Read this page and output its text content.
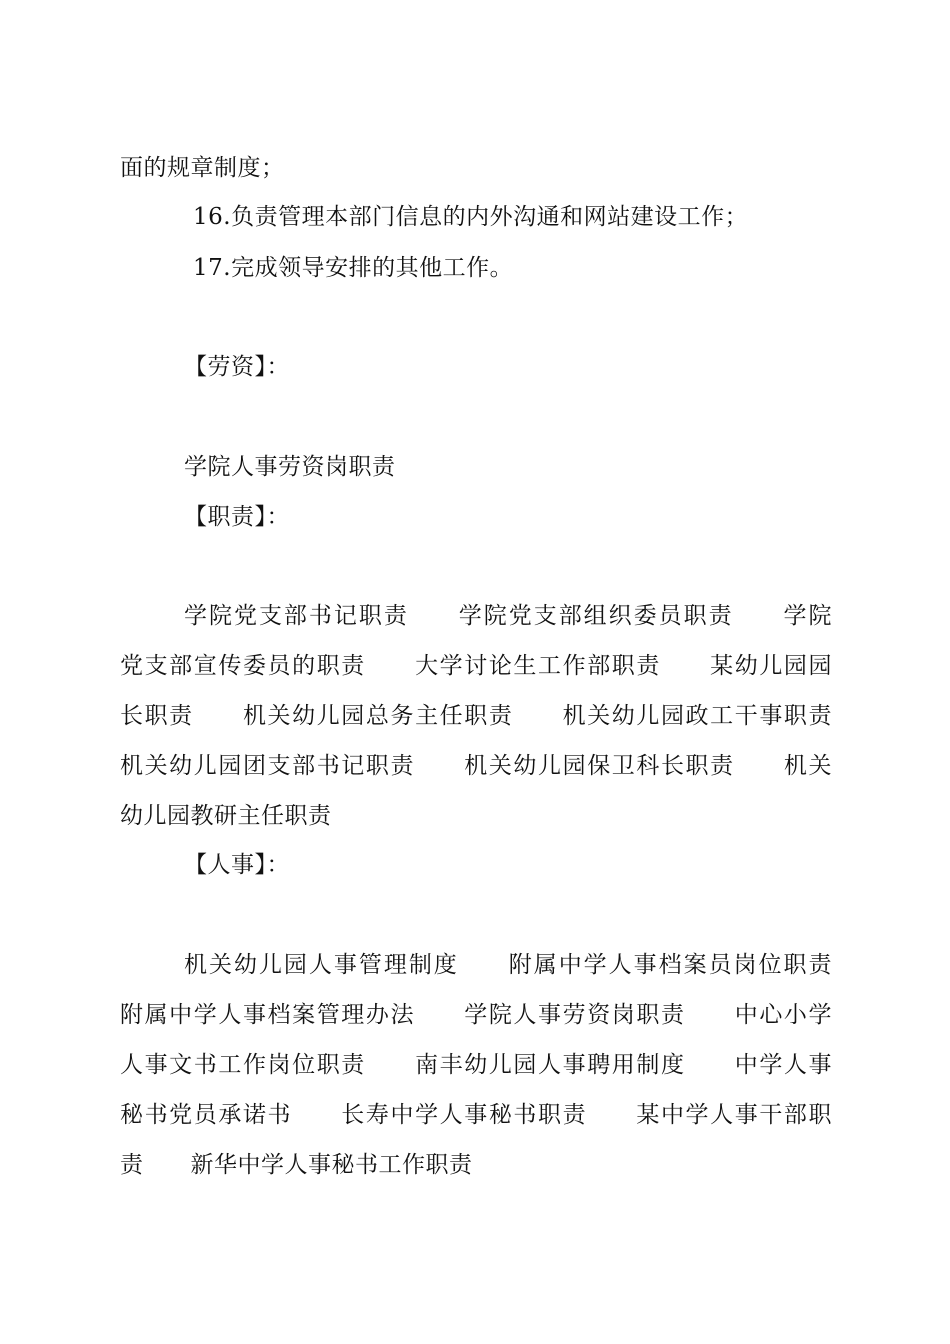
面的规章制度；
16.负责管理本部门信息的内外沟通和网站建设工作；
17.完成领导安排的其他工作。
【劳资】：
学院人事劳资岗职责
【职责】：
学院党支部书记职责　　学院党支部组织委员职责　　学院
党支部宣传委员的职责　　大学讨论生工作部职责　　某幼儿园园
长职责　　机关幼儿园总务主任职责　　机关幼儿园政工干事职责
机关幼儿园团支部书记职责　　机关幼儿园保卫科长职责　　机关
幼儿园教研主任职责
【人事】：
机关幼儿园人事管理制度　　附属中学人事档案员岗位职责
附属中学人事档案管理办法　　学院人事劳资岗职责　　中心小学
人事文书工作岗位职责　　南丰幼儿园人事聘用制度　　中学人事
秘书党员承诺书　　长寿中学人事秘书职责　　某中学人事干部职
责　　新华中学人事秘书工作职责
